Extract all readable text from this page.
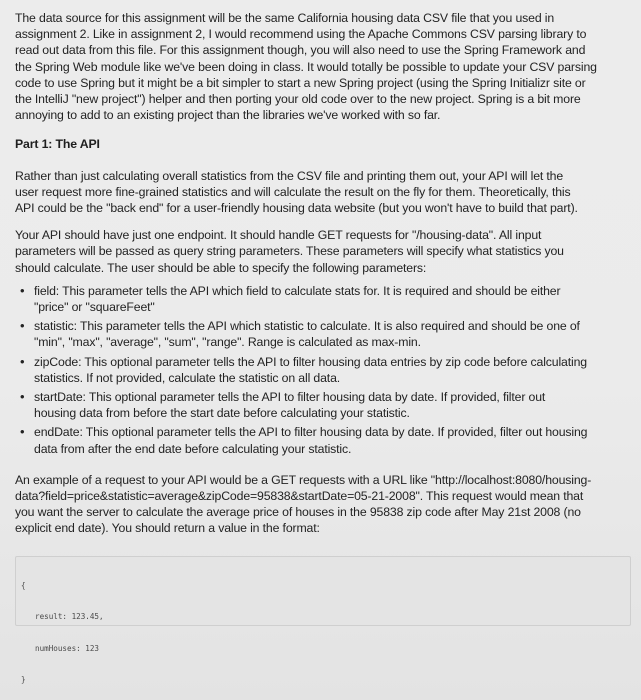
The data source for this assignment will be the same California housing data CSV file that you used in
assignment 2. Like in assignment 2, I would recommend using the Apache Commons CSV parsing library to
read out data from this file. For this assignment though, you will also need to use the Spring Framework and
the Spring Web module like we've been doing in class. It would totally be possible to update your CSV parsing
code to use Spring but it might be a bit simpler to start a new Spring project (using the Spring Initializr site or
the IntelliJ "new project") helper and then porting your old code over to the new project. Spring is a bit more
annoying to add to an existing project than the libraries we've worked with so far.

Part 1: The API

Rather than just calculating overall statistics from the CSV file and printing them out, your API will let the
user request more fine-grained statistics and will calculate the result on the fly for them. Theoretically, this
API could be the "back end" for a user-friendly housing data website (but you won't have to build that part).

Your API should have just one endpoint. It should handle GET requests for "/housing-data". All input
parameters will be passed as query string parameters. These parameters will specify what statistics you
should calculate. The user should be able to specify the following parameters:

• field: This parameter tells the API which field to calculate stats for. It is required and should be either
"price" or "squareFeet"
• statistic: This parameter tells the API which statistic to calculate. It is also required and should be one of
"min", "max", "average", "sum", "range". Range is calculated as max-min.
• zipCode: This optional parameter tells the API to filter housing data entries by zip code before calculating
statistics. If not provided, calculate the statistic on all data.
• startDate: This optional parameter tells the API to filter housing data by date. If provided, filter out
housing data from before the start date before calculating your statistic.
• endDate: This optional parameter tells the API to filter housing data by date. If provided, filter out housing
data from after the end date before calculating your statistic.

An example of a request to your API would be a GET requests with a URL like "http://localhost:8080/housing-
data?field=price&statistic=average&zipCode=95838&startDate=05-21-2008". This request would mean that
you want the server to calculate the average price of houses in the 95838 zip code after May 21st 2008 (no
explicit end date). You should return a value in the format:

{

result: 123.45,

numHouses: 123

}
